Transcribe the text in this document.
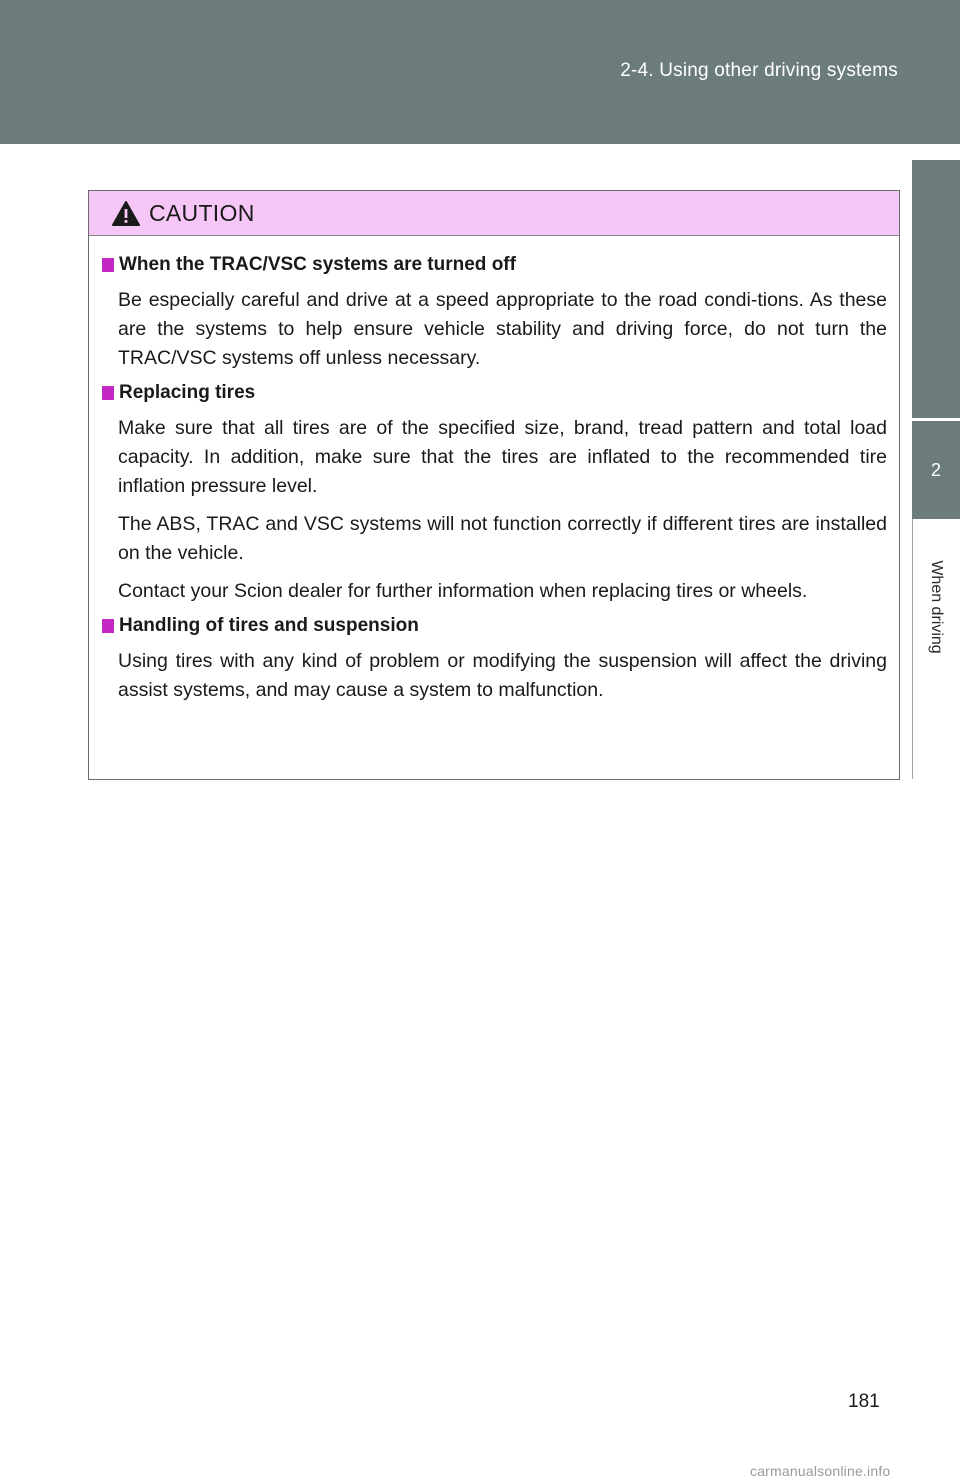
2-4. Using other driving systems
2
When driving
CAUTION
When the TRAC/VSC systems are turned off

Be especially careful and drive at a speed appropriate to the road condi-tions. As these are the systems to help ensure vehicle stability and driving force, do not turn the TRAC/VSC systems off unless necessary.

Replacing tires

Make sure that all tires are of the specified size, brand, tread pattern and total load capacity. In addition, make sure that the tires are inflated to the recommended tire inflation pressure level.

The ABS, TRAC and VSC systems will not function correctly if different tires are installed on the vehicle.

Contact your Scion dealer for further information when replacing tires or wheels.

Handling of tires and suspension

Using tires with any kind of problem or modifying the suspension will affect the driving assist systems, and may cause a system to malfunction.

181
carmanualsonline.info
